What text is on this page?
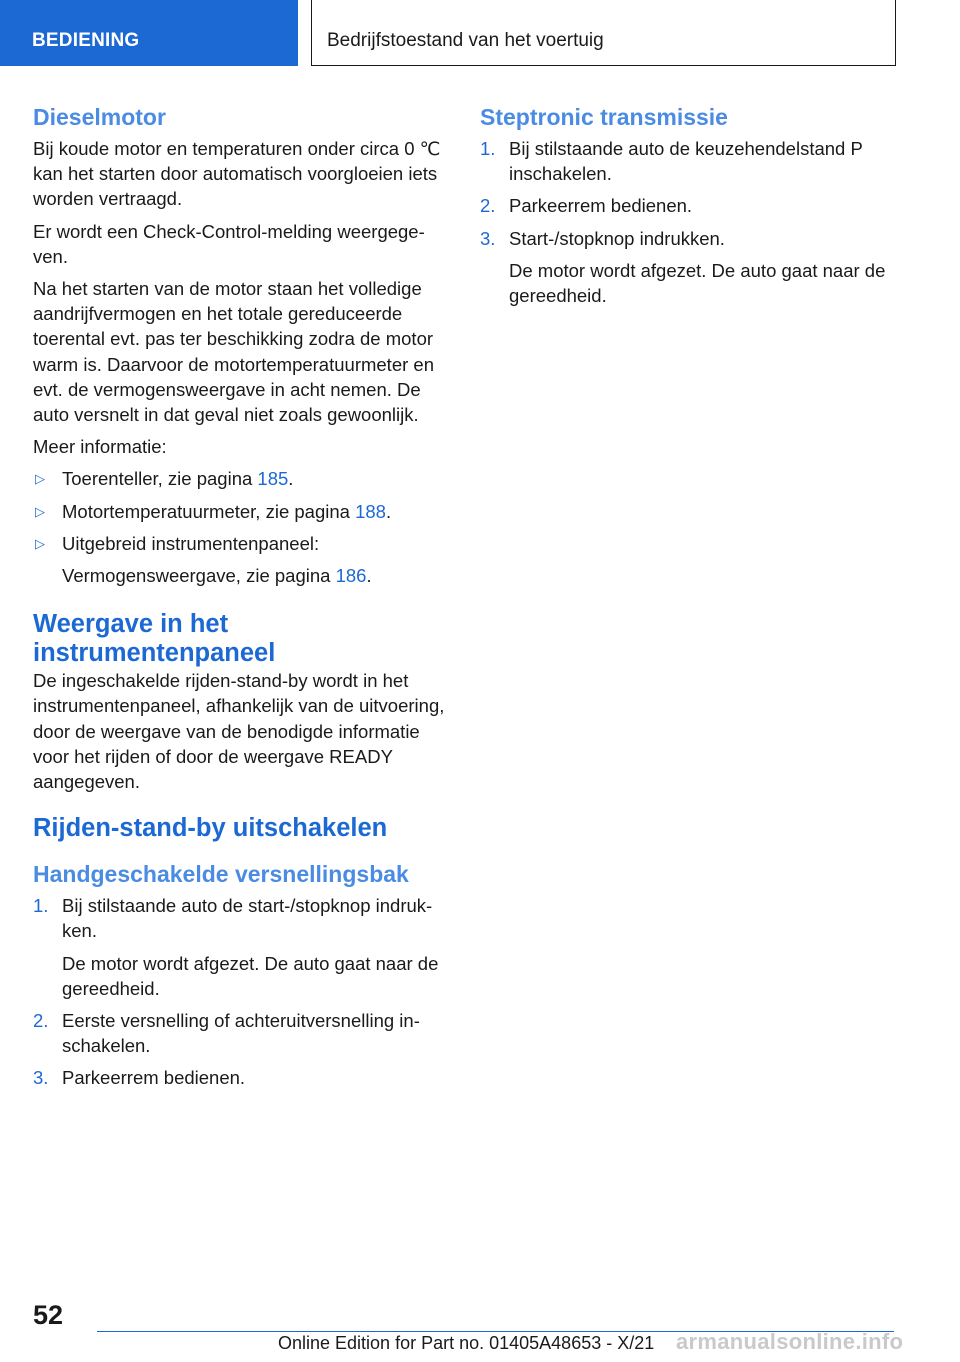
BEDIENING	Bedrijfstoestand van het voertuig
Dieselmotor

Bij koude motor en temperaturen onder circa 0 ℃ kan het starten door automatisch voorgloeien iets worden vertraagd.

Er wordt een Check-Control-melding weergegeven.

Na het starten van de motor staan het volledige aandrijfvermogen en het totale gereduceerde toerental evt. pas ter beschikking zodra de motor warm is. Daarvoor de motortemperatuurmeter en evt. de vermogensweergave in acht nemen. De auto versnelt in dat geval niet zoals gewoonlijk.

Meer informatie:

▷ Toerenteller, zie pagina 185.
▷ Motortemperatuurmeter, zie pagina 188.
▷ Uitgebreid instrumentenpaneel:
Vermogensweergave, zie pagina 186.
Weergave in het instrumentenpaneel

De ingeschakelde rijden-stand-by wordt in het instrumentenpaneel, afhankelijk van de uitvoering, door de weergave van de benodigde informatie voor het rijden of door de weergave READY aangegeven.

Rijden-stand-by uitschakelen
Handgeschakelde versnellingsbak
1. Bij stilstaande auto de start-/stopknop indrukken.
De motor wordt afgezet. De auto gaat naar de gereedheid.
2. Eerste versnelling of achteruitversnelling inschakelen.
3. Parkeerrem bedienen.
Steptronic transmissie
1. Bij stilstaande auto de keuzehendelstand P inschakelen.
2. Parkeerrem bedienen.
3. Start-/stopknop indrukken.
De motor wordt afgezet. De auto gaat naar de gereedheid.
52
Online Edition for Part no. 01405A48653 - X/21 armanualsonline.info
